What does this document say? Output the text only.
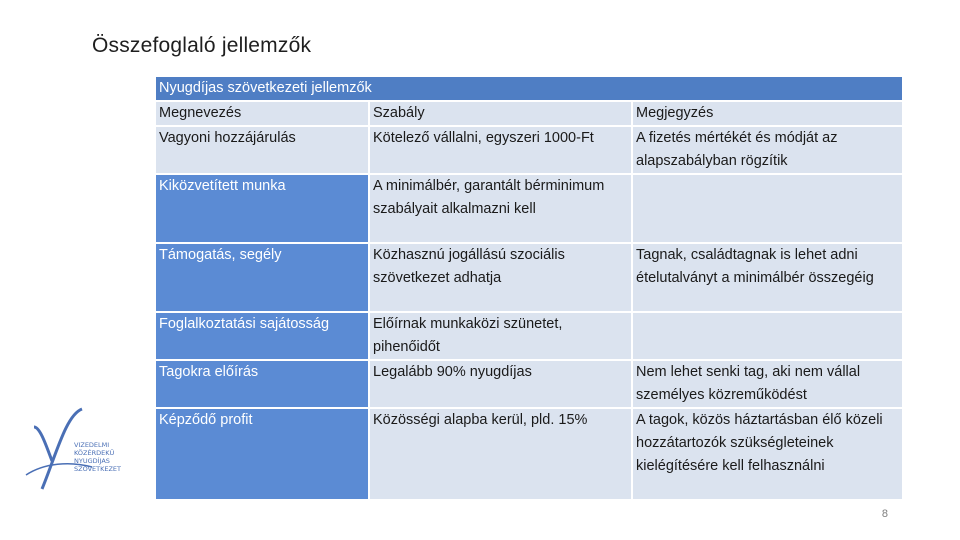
Összefoglaló jellemzők
Nyugdíjas szövetkezeti jellemzők		
Megnevezés	Szabály	Megjegyzés
Vagyoni hozzájárulás	Kötelező vállalni, egyszeri 1000-Ft	A fizetés mértékét és módját az alapszabályban rögzítik
Kiközvetített munka	A minimálbér, garantált bérminimum szabályait alkalmazni kell	
Támogatás, segély	Közhasznú jogállású szociális szövetkezet adhatja	Tagnak, családtagnak is lehet adni ételutalványt a minimálbér összegéig
Foglalkoztatási sajátosság	Előírnak munkaközi szünetet, pihenőidőt	
Tagokra előírás	Legalább 90% nyugdíjas	Nem lehet senki tag, aki nem vállal személyes közreműködést
Képződő profit	Közösségi alapba kerül, pld. 15%	A tagok, közös háztartásban élő közeli hozzátartozók szükségleteinek kielégítésére kell felhasználni
VIZEDELMI
KÖZÉRDEKŰ
NYUGDÍJAS
SZÖVETKEZET
8
